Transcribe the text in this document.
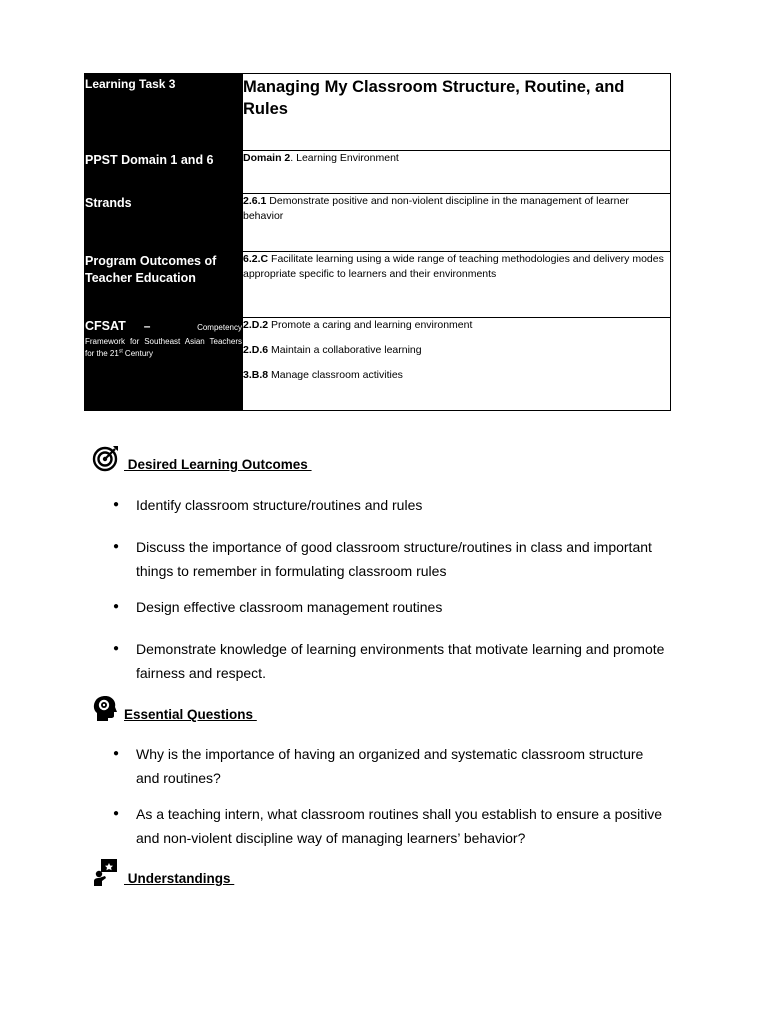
Learning Task 3	Managing My Classroom Structure, Routine, and Rules

PPST Domain 1 and 6	Domain 2. Learning Environment

Strands	2.6.1 Demonstrate positive and non-violent discipline in the management of learner behavior

Program Outcomes of Teacher Education	6.2.C Facilitate learning using a wide range of teaching methodologies and delivery modes appropriate specific to learners and their environments

CFSAT – Competency
Framework for Southeast Asian Teachers for the 21st Century	2.D.2 Promote a caring and learning environment
2.D.6 Maintain a collaborative learning
3.B.8 Manage classroom activities
Desired Learning Outcomes
● Identify classroom structure/routines and rules
● Discuss the importance of good classroom structure/routines in class and important things to remember in formulating classroom rules
● Design effective classroom management routines
● Demonstrate knowledge of learning environments that motivate learning and promote fairness and respect.
Essential Questions
● Why is the importance of having an organized and systematic classroom structure and routines?
● As a teaching intern, what classroom routines shall you establish to ensure a positive and non-violent discipline way of managing learners’ behavior?
Understandings
